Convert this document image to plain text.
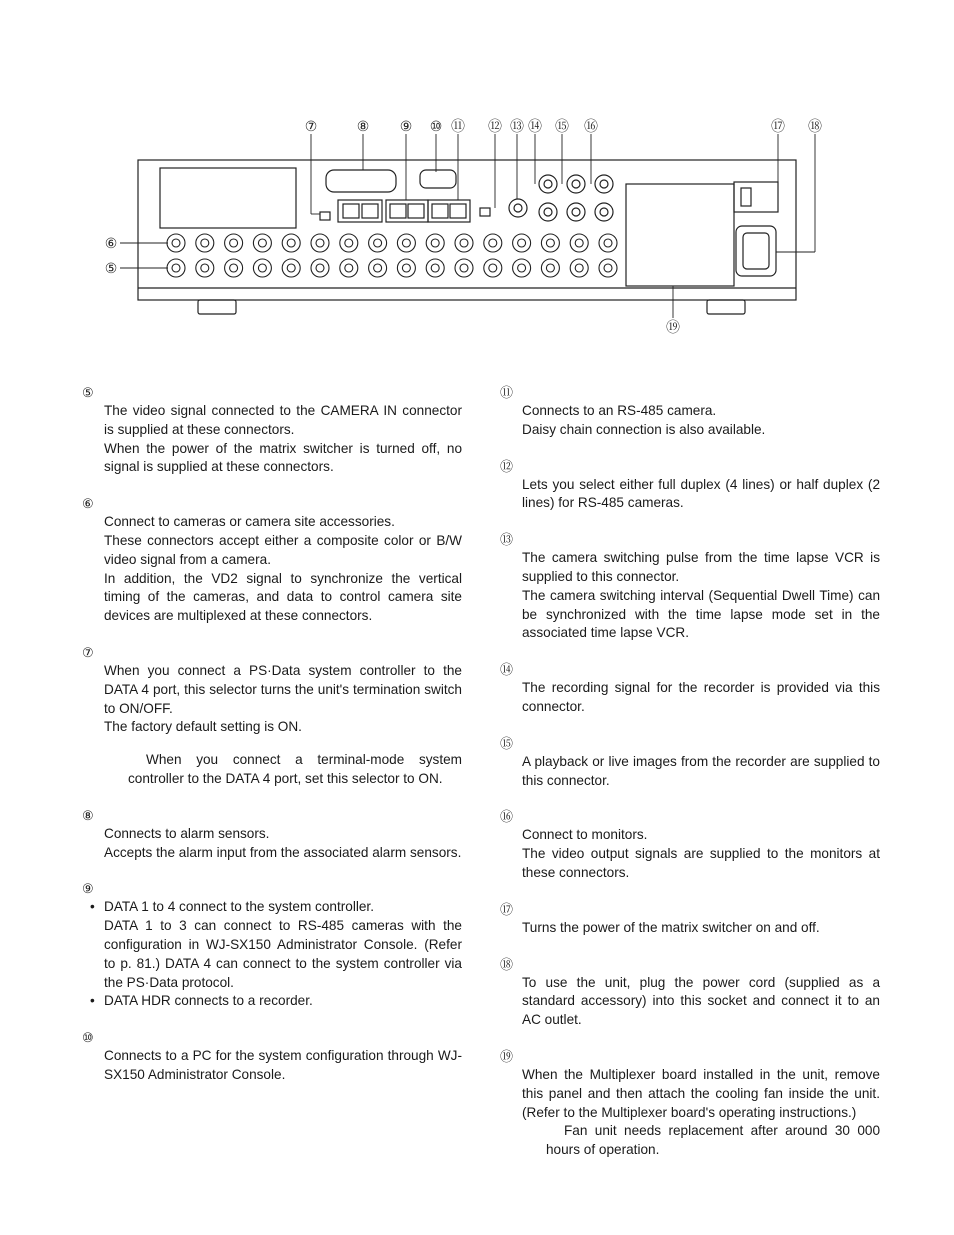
⑦	⑧ ⑨ ⑩ ⑪ ⑫ ⑬ ⑭ ⑮ ⑯	⑰ ⑱
⑤
⑥
⑲
⑤

The video signal connected to the CAMERA IN connector is supplied at these connectors.

When the power of the matrix switcher is turned off, no signal is supplied at these connectors.

⑥

Connect to cameras or camera site accessories.

These connectors accept either a composite color or B/W video signal from a camera.

In addition, the VD2 signal to synchronize the vertical timing of the cameras, and data to control camera site devices are multiplexed at these connectors.

⑦

When you connect a PS·Data system controller to the DATA 4 port, this selector turns the unit's termination switch to ON/OFF.

The factory default setting is ON.

When you connect a terminal-mode system controller to the DATA 4 port, set this selector to ON.

⑧

Connects to alarm sensors.

Accepts the alarm input from the associated alarm sensors.

⑨
• DATA 1 to 4 connect to the system controller.
DATA 1 to 3 can connect to RS-485 cameras with the configuration in WJ-SX150 Administrator Console. (Refer to p. 81.) DATA 4 can connect to the system controller via the PS·Data protocol.
• DATA HDR connects to a recorder.
⑩

Connects to a PC for the system configuration through WJ-SX150 Administrator Console.

⑪

Connects to an RS-485 camera.

Daisy chain connection is also available.

⑫

Lets you select either full duplex (4 lines) or half duplex (2 lines) for RS-485 cameras.

⑬

The camera switching pulse from the time lapse VCR is supplied to this connector.

The camera switching interval (Sequential Dwell Time) can be synchronized with the time lapse mode set in the associated time lapse VCR.

⑭

The recording signal for the recorder is provided via this connector.

⑮

A playback or live images from the recorder are supplied to this connector.

⑯

Connect to monitors.

The video output signals are supplied to the monitors at these connectors.

⑰

Turns the power of the matrix switcher on and off.

⑱

To use the unit, plug the power cord (supplied as a standard accessory) into this socket and connect it to an AC outlet.

⑲

When the Multiplexer board installed in the unit, remove this panel and then attach the cooling fan inside the unit. (Refer to the Multiplexer board's operating instructions.)

Fan unit needs replacement after around 30 000 hours of operation.
